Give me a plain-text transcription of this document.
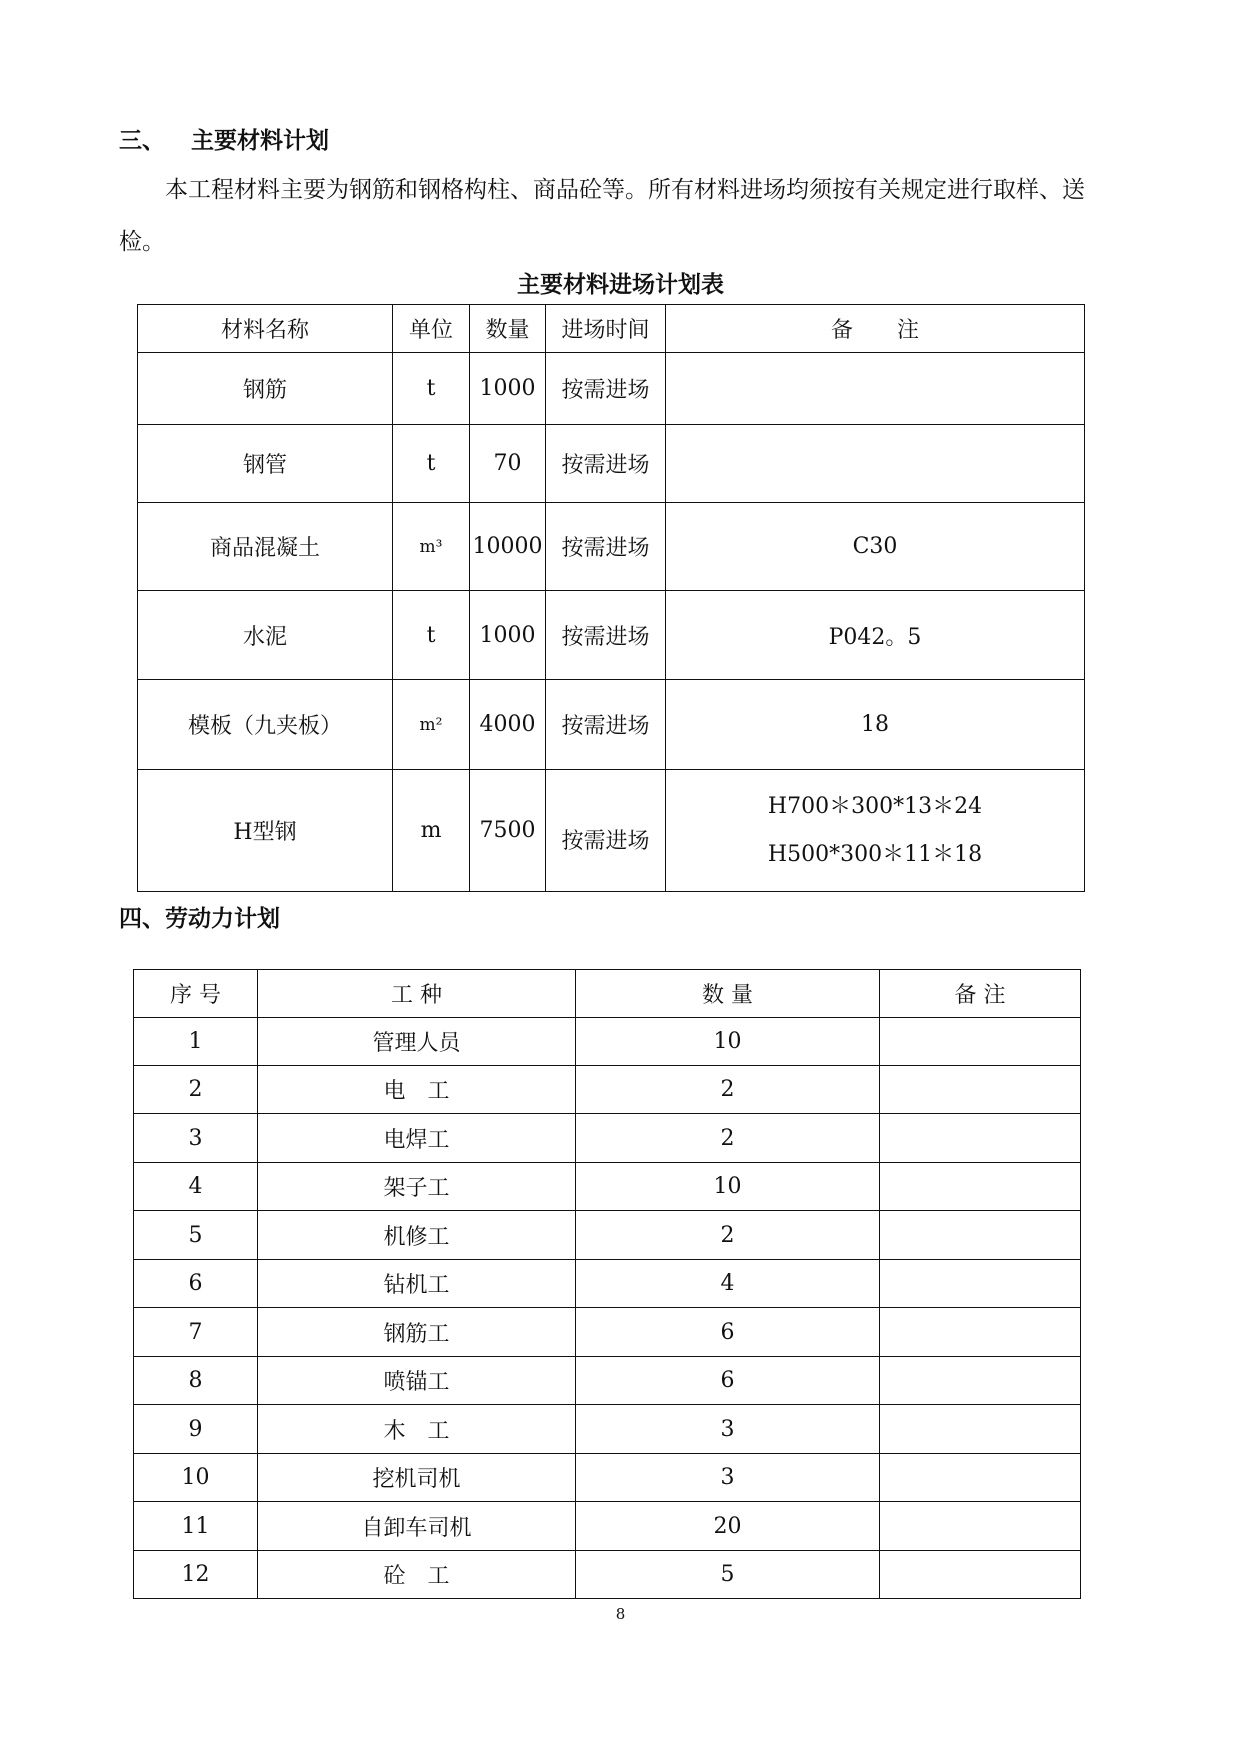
三、 主要材料计划
本工程材料主要为钢筋和钢格构柱、商品砼等。所有材料进场均须按有关规定进行取样、送检。
主要材料进场计划表
材料名称	单位	数量	进场时间	备　　注
钢筋	t	1000	按需进场	
钢管	t	70	按需进场	
商品混凝土	m³	10000	按需进场	C30
水泥	t	1000	按需进场	P042。5
模板（九夹板）	m²	4000	按需进场	18
H型钢	m	7500	按需进场	H700＊300*13＊24
H500*300＊11＊18
四、劳动力计划
序 号	工 种	数 量	备 注
1	管理人员	10	
2	电　工	2	
3	电焊工	2	
4	架子工	10	
5	机修工	2	
6	钻机工	4	
7	钢筋工	6	
8	喷锚工	6	
9	木　工	3	
10	挖机司机	3	
11	自卸车司机	20	
12	砼　工	5	
8
